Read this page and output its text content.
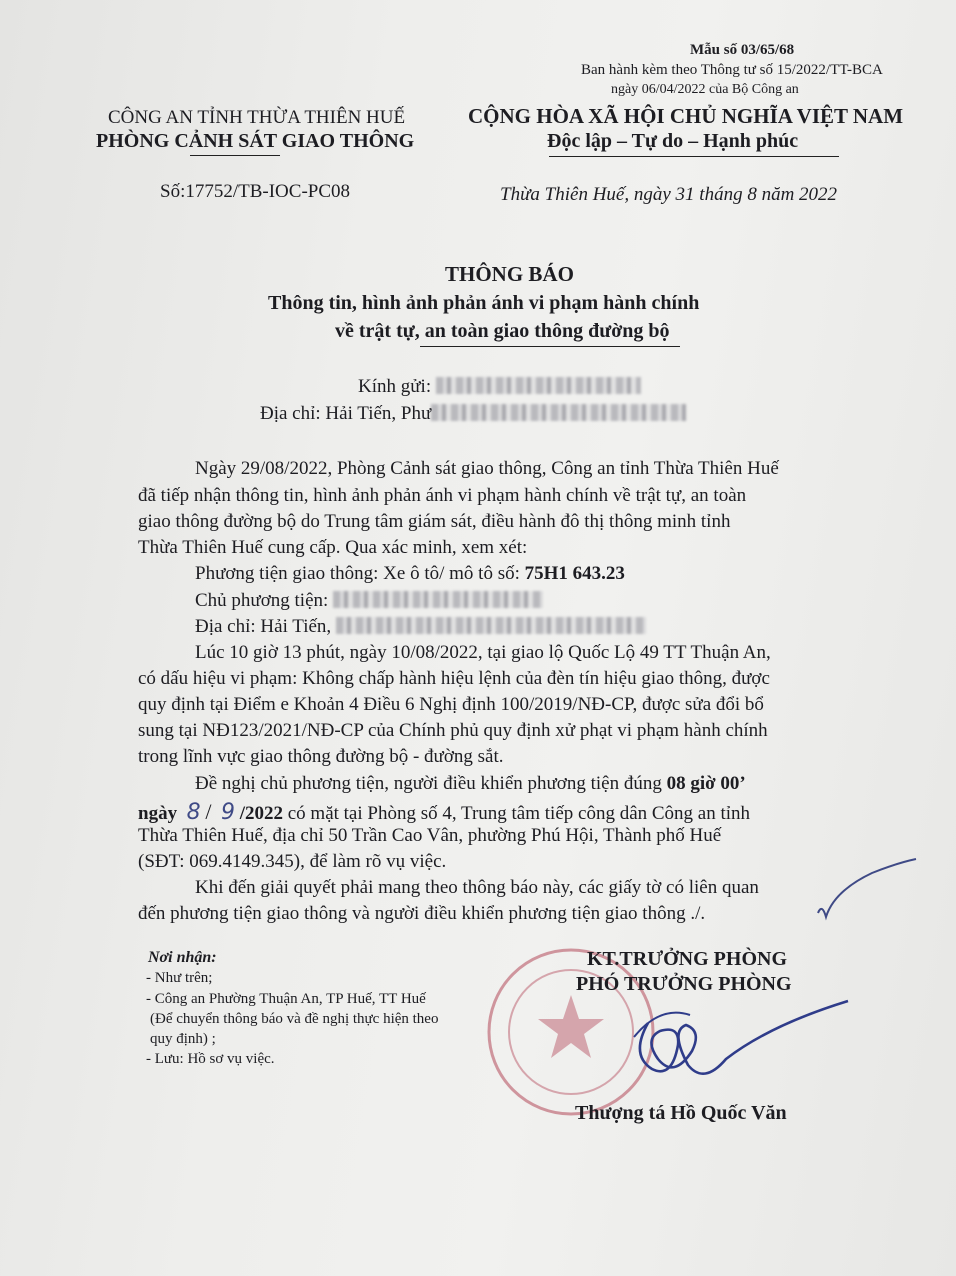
Mẫu số 03/65/68
Ban hành kèm theo Thông tư số 15/2022/TT-BCA
ngày 06/04/2022 của Bộ Công an
CÔNG AN TỈNH THỪA THIÊN HUẾ
PHÒNG CẢNH SÁT GIAO THÔNG
CỘNG HÒA XÃ HỘI CHỦ NGHĨA VIỆT NAM
Độc lập – Tự do – Hạnh phúc
Số:17752/TB-IOC-PC08	Thừa Thiên Huế, ngày 31 tháng 8 năm 2022
THÔNG BÁO
Thông tin, hình ảnh phản ánh vi phạm hành chính
về trật tự, an toàn giao thông đường bộ
Kính gửi:
Địa chỉ: Hải Tiến, Phư
Ngày 29/08/2022, Phòng Cảnh sát giao thông, Công an tỉnh Thừa Thiên Huế
đã tiếp nhận thông tin, hình ảnh phản ánh vi phạm hành chính về trật tự, an toàn
giao thông đường bộ do Trung tâm giám sát, điều hành đô thị thông minh tỉnh
Thừa Thiên Huế cung cấp. Qua xác minh, xem xét:
Phương tiện giao thông: Xe ô tô/ mô tô số: 75H1 643.23
Chủ phương tiện:
Địa chỉ: Hải Tiến,
Lúc 10 giờ 13 phút, ngày 10/08/2022, tại giao lộ Quốc Lộ 49 TT Thuận An,
có dấu hiệu vi phạm: Không chấp hành hiệu lệnh của đèn tín hiệu giao thông, được
quy định tại Điểm e Khoản 4 Điều 6 Nghị định 100/2019/NĐ-CP, được sửa đổi bổ
sung tại NĐ123/2021/NĐ-CP của Chính phủ quy định xử phạt vi phạm hành chính
trong lĩnh vực giao thông đường bộ - đường sắt.
Đề nghị chủ phương tiện, người điều khiển phương tiện đúng 08 giờ 00’
ngày 8 / 9 /2022 có mặt tại Phòng số 4, Trung tâm tiếp công dân Công an tỉnh
Thừa Thiên Huế, địa chỉ 50 Trần Cao Vân, phường Phú Hội, Thành phố Huế
(SĐT: 069.4149.345), để làm rõ vụ việc.
Khi đến giải quyết phải mang theo thông báo này, các giấy tờ có liên quan
đến phương tiện giao thông và người điều khiển phương tiện giao thông ./.
Nơi nhận:
- Như trên;
- Công an Phường Thuận An, TP Huế, TT Huế
(Để chuyển thông báo và đề nghị thực hiện theo
quy định) ;
- Lưu: Hồ sơ vụ việc.
KT.TRƯỞNG PHÒNG
PHÓ TRƯỞNG PHÒNG
Thượng tá Hồ Quốc Văn
